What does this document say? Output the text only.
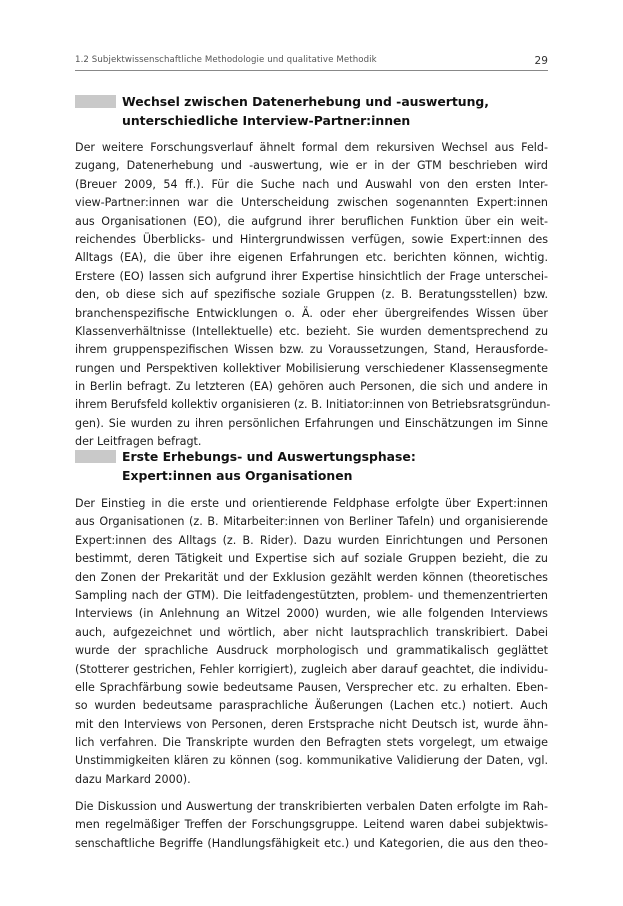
1.2 Subjektwissenschaftliche Methodologie und qualitative Methodik	29
Wechsel zwischen Datenerhebung und -auswertung,
unterschiedliche Interview-Partner:innen
Der weitere Forschungsverlauf ähnelt formal dem rekursiven Wechsel aus Feld-
zugang, Datenerhebung und -auswertung, wie er in der GTM beschrieben wird
(Breuer 2009, 54 ff.). Für die Suche nach und Auswahl von den ersten Inter-
view-Partner:innen war die Unterscheidung zwischen sogenannten Expert:innen
aus Organisationen (EO), die aufgrund ihrer beruflichen Funktion über ein weit-
reichendes Überblicks- und Hintergrundwissen verfügen, sowie Expert:innen des
Alltags (EA), die über ihre eigenen Erfahrungen etc. berichten können, wichtig.
Erstere (EO) lassen sich aufgrund ihrer Expertise hinsichtlich der Frage unterschei-
den, ob diese sich auf spezifische soziale Gruppen (z. B. Beratungsstellen) bzw.
branchenspezifische Entwicklungen o. Ä. oder eher übergreifendes Wissen über
Klassenverhältnisse (Intellektuelle) etc. bezieht. Sie wurden dementsprechend zu
ihrem gruppenspezifischen Wissen bzw. zu Voraussetzungen, Stand, Herausforde-
rungen und Perspektiven kollektiver Mobilisierung verschiedener Klassensegmente
in Berlin befragt. Zu letzteren (EA) gehören auch Personen, die sich und andere in
ihrem Berufsfeld kollektiv organisieren (z. B. Initiator:innen von Betriebsratsgründun-
gen). Sie wurden zu ihren persönlichen Erfahrungen und Einschätzungen im Sinne
der Leitfragen befragt.
Erste Erhebungs- und Auswertungsphase:
Expert:innen aus Organisationen
Der Einstieg in die erste und orientierende Feldphase erfolgte über Expert:innen
aus Organisationen (z. B. Mitarbeiter:innen von Berliner Tafeln) und organisierende
Expert:innen des Alltags (z. B. Rider). Dazu wurden Einrichtungen und Personen
bestimmt, deren Tätigkeit und Expertise sich auf soziale Gruppen bezieht, die zu
den Zonen der Prekarität und der Exklusion gezählt werden können (theoretisches
Sampling nach der GTM). Die leitfadengestützten, problem- und themenzentrierten
Interviews (in Anlehnung an Witzel 2000) wurden, wie alle folgenden Interviews
auch, aufgezeichnet und wörtlich, aber nicht lautsprachlich transkribiert. Dabei
wurde der sprachliche Ausdruck morphologisch und grammatikalisch geglättet
(Stotterer gestrichen, Fehler korrigiert), zugleich aber darauf geachtet, die individu-
elle Sprachfärbung sowie bedeutsame Pausen, Versprecher etc. zu erhalten. Eben-
so wurden bedeutsame parasprachliche Äußerungen (Lachen etc.) notiert. Auch
mit den Interviews von Personen, deren Erstsprache nicht Deutsch ist, wurde ähn-
lich verfahren. Die Transkripte wurden den Befragten stets vorgelegt, um etwaige
Unstimmigkeiten klären zu können (sog. kommunikative Validierung der Daten, vgl.
dazu Markard 2000).
Die Diskussion und Auswertung der transkribierten verbalen Daten erfolgte im Rah-
men regelmäßiger Treffen der Forschungsgruppe. Leitend waren dabei subjektwis-
senschaftliche Begriffe (Handlungsfähigkeit etc.) und Kategorien, die aus den theo-
